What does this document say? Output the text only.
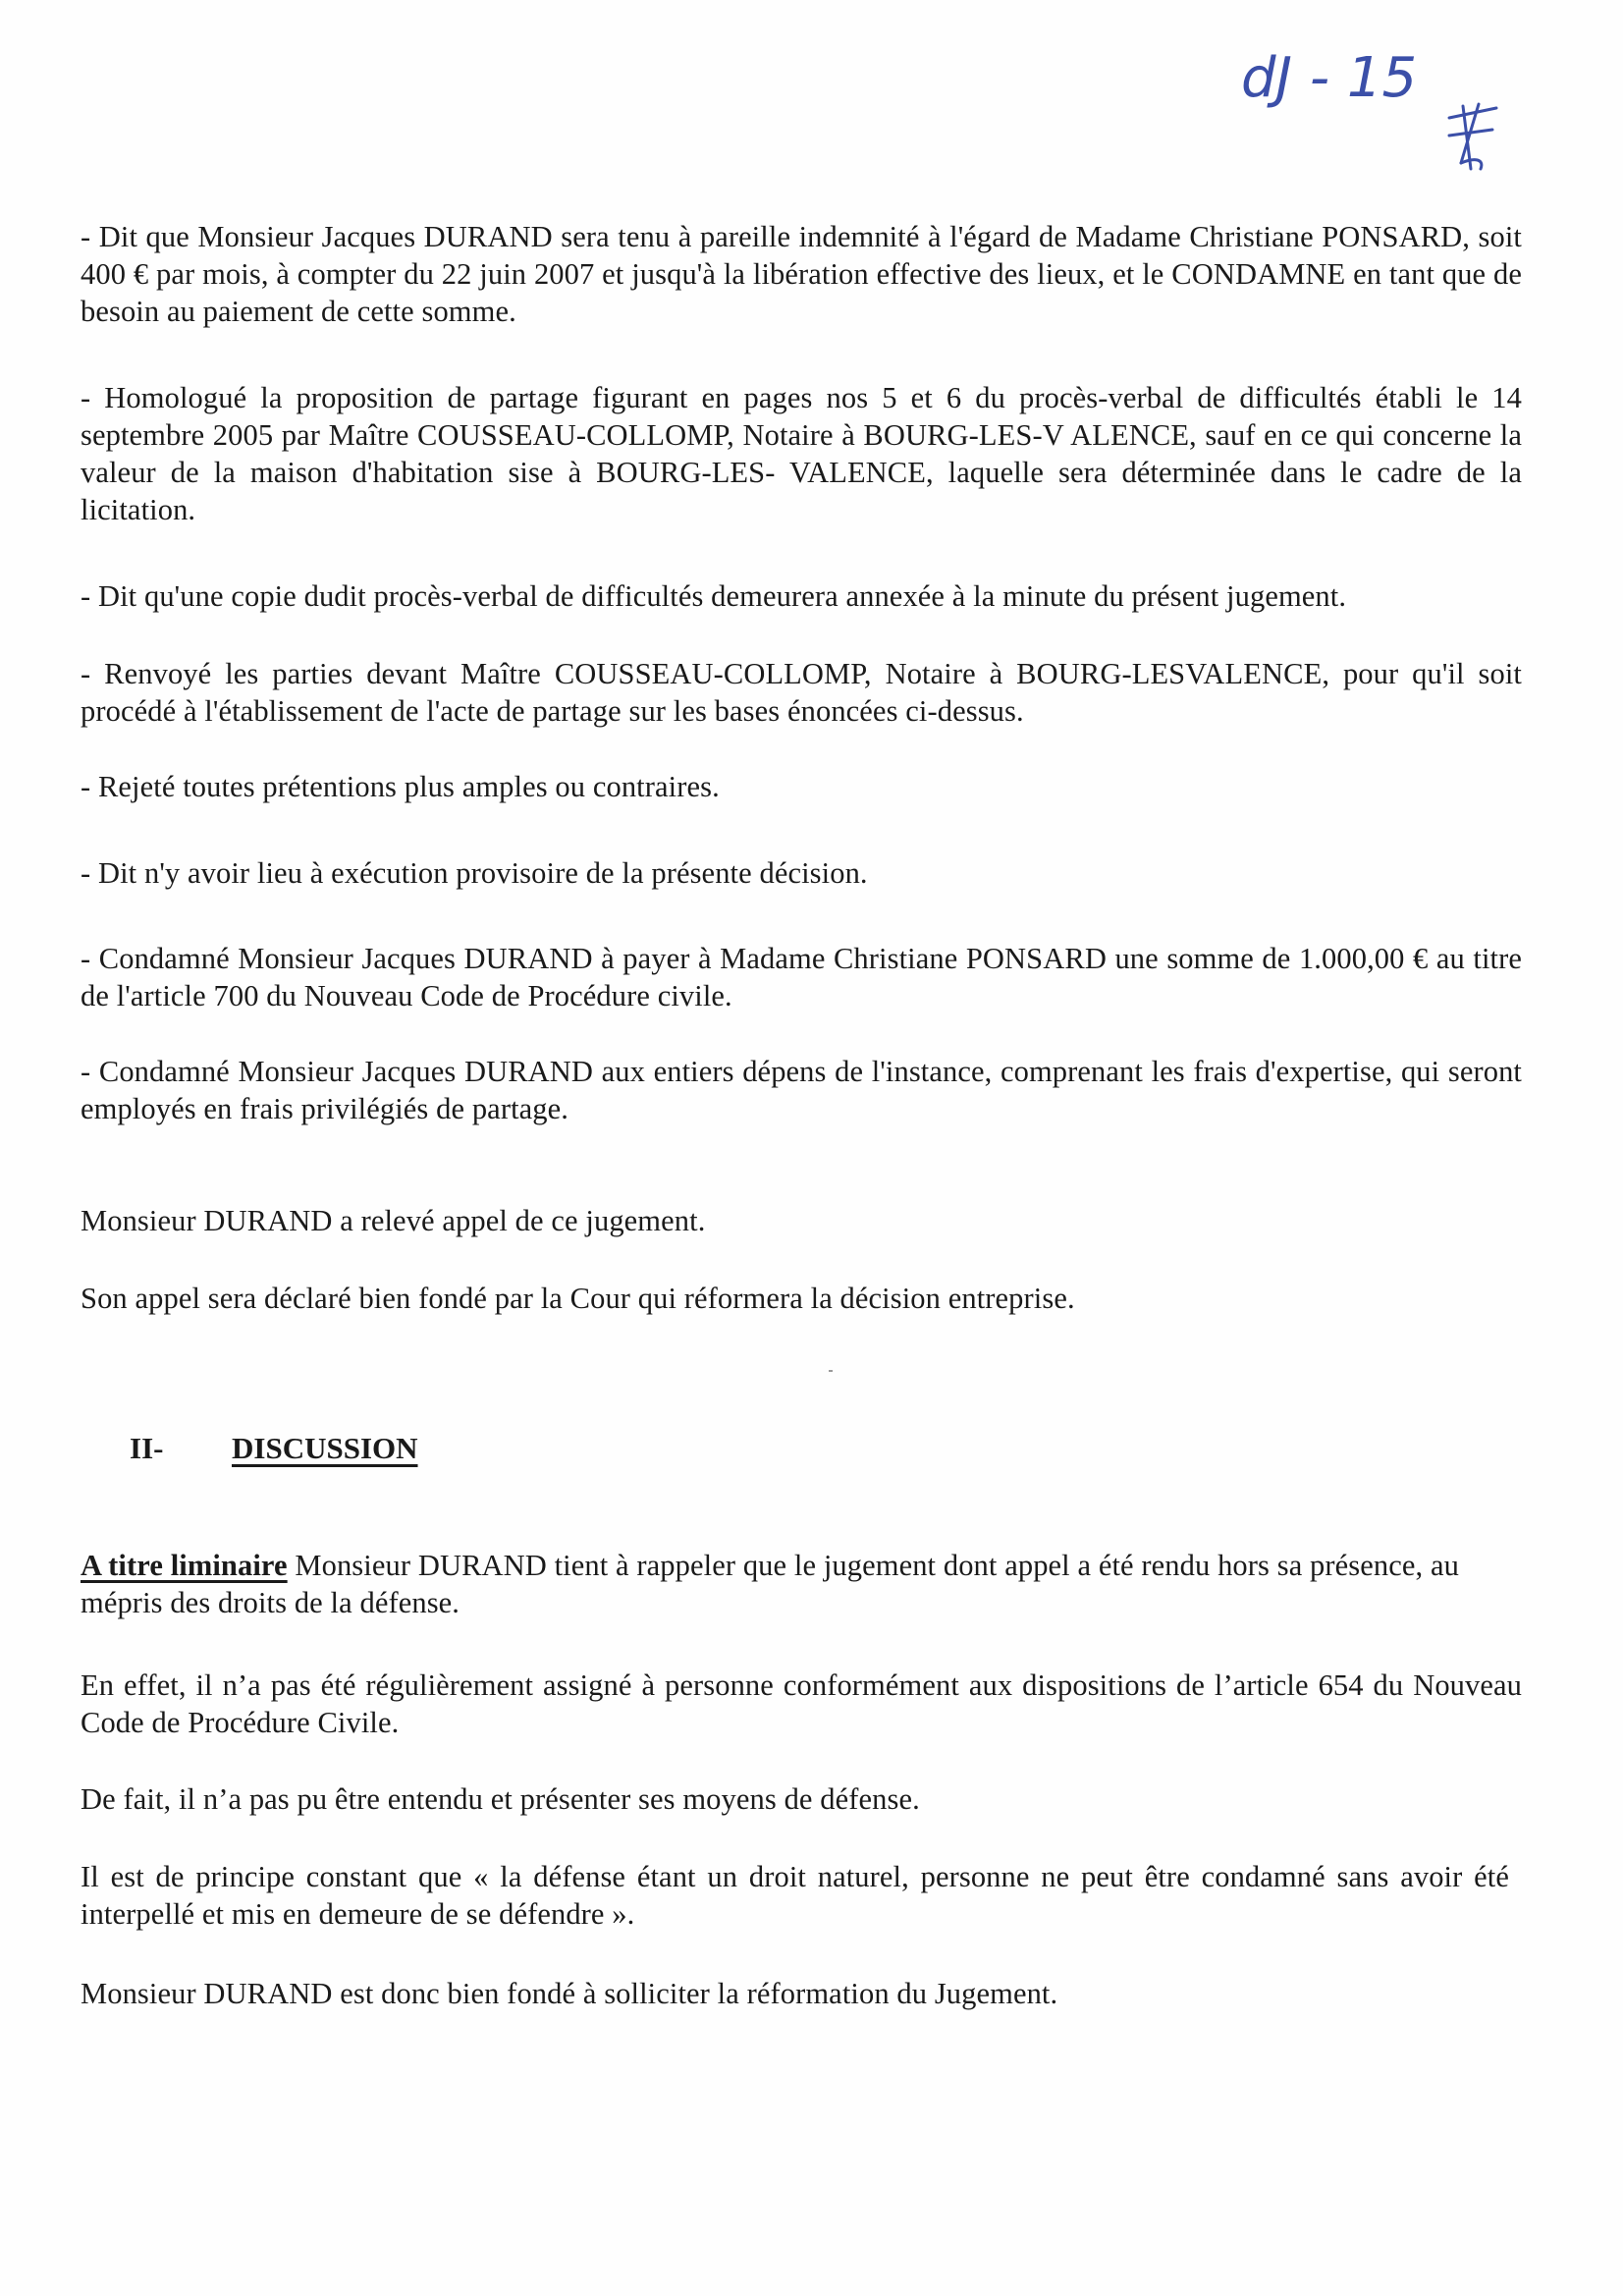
dJ - 15

- Dit que Monsieur Jacques DURAND sera tenu à pareille indemnité à l'égard de Madame Christiane PONSARD, soit 400 € par mois, à compter du 22 juin 2007 et jusqu'à la libération effective des lieux, et le CONDAMNE en tant que de besoin au paiement de cette somme.

- Homologué la proposition de partage figurant en pages nos 5 et 6 du procès-verbal de difficultés établi le 14 septembre 2005 par Maître COUSSEAU-COLLOMP, Notaire à BOURG-LES-V ALENCE, sauf en ce qui concerne la valeur de la maison d'habitation sise à BOURG-LES- VALENCE, laquelle sera déterminée dans le cadre de la licitation.

- Dit qu'une copie dudit procès-verbal de difficultés demeurera annexée à la minute du présent jugement.

- Renvoyé les parties devant Maître COUSSEAU-COLLOMP, Notaire à BOURG-LESVALENCE, pour qu'il soit procédé à l'établissement de l'acte de partage sur les bases énoncées ci-dessus.

- Rejeté toutes prétentions plus amples ou contraires.

- Dit n'y avoir lieu à exécution provisoire de la présente décision.

- Condamné Monsieur Jacques DURAND à payer à Madame Christiane PONSARD une somme de 1.000,00 € au titre de l'article 700 du Nouveau Code de Procédure civile.

- Condamné Monsieur Jacques DURAND aux entiers dépens de l'instance, comprenant les frais d'expertise, qui seront employés en frais privilégiés de partage.

Monsieur DURAND a relevé appel de ce jugement.

Son appel sera déclaré bien fondé par la Cour qui réformera la décision entreprise.

II- DISCUSSION

A titre liminaire Monsieur DURAND tient à rappeler que le jugement dont appel a été rendu hors sa présence, au mépris des droits de la défense.

En effet, il n’a pas été régulièrement assigné à personne conformément aux dispositions de l’article 654 du Nouveau Code de Procédure Civile.

De fait, il n’a pas pu être entendu et présenter ses moyens de défense.

Il est de principe constant que « la défense étant un droit naturel, personne ne peut être condamné sans avoir été interpellé et mis en demeure de se défendre ».

Monsieur DURAND est donc bien fondé à solliciter la réformation du Jugement.
